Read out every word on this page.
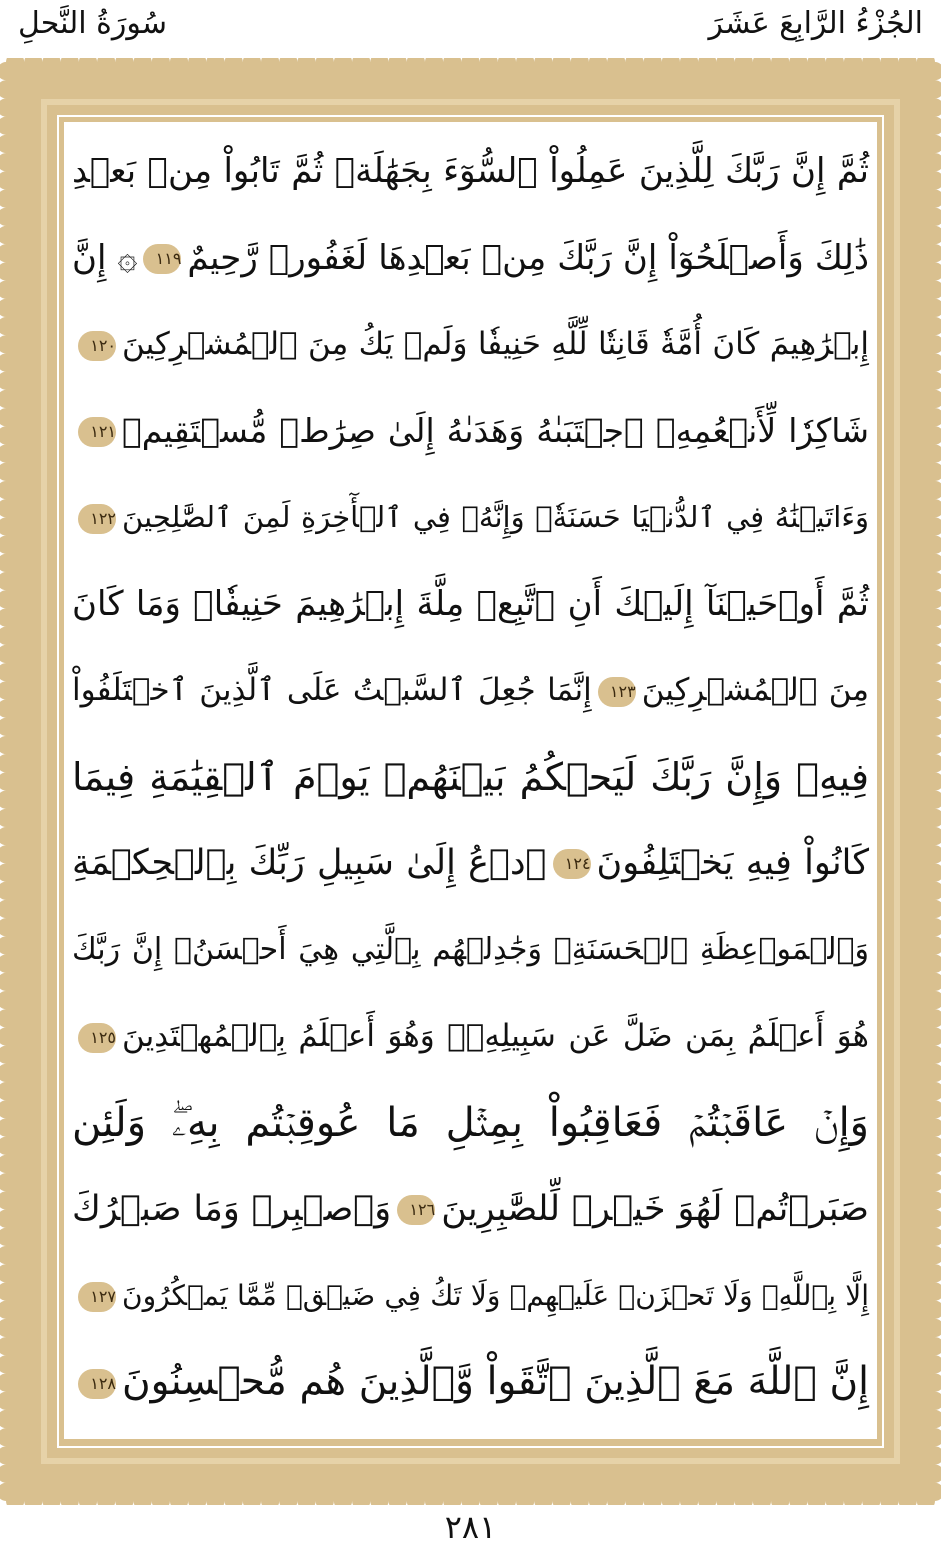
سُورَةُ النَّحلِ	الجُزْءُ الرَّابِعَ عَشَرَ
ثُمَّ إِنَّ رَبَّكَ لِلَّذِينَ عَمِلُواْ ٱلسُّوٓءَ بِجَهَٰلَةٖ ثُمَّ تَابُواْ مِنۢ بَعۡدِ
ذَٰلِكَ وَأَصۡلَحُوٓاْ إِنَّ رَبَّكَ مِنۢ بَعۡدِهَا لَغَفُورٞ رَّحِيمٌ١١٩۞ إِنَّ
إِبۡرَٰهِيمَ كَانَ أُمَّةٗ قَانِتٗا لِّلَّهِ حَنِيفٗا وَلَمۡ يَكُ مِنَ ٱلۡمُشۡرِكِينَ١٢٠
شَاكِرٗا لِّأَنۡعُمِهِۚ ٱجۡتَبَىٰهُ وَهَدَىٰهُ إِلَىٰ صِرَٰطٖ مُّسۡتَقِيمٖ١٢١
وَءَاتَيۡنَٰهُ فِي ٱلدُّنۡيَا حَسَنَةٗۖ وَإِنَّهُۥ فِي ٱلۡأٓخِرَةِ لَمِنَ ٱلصَّٰلِحِينَ١٢٢
ثُمَّ أَوۡحَيۡنَآ إِلَيۡكَ أَنِ ٱتَّبِعۡ مِلَّةَ إِبۡرَٰهِيمَ حَنِيفٗاۖ وَمَا كَانَ
مِنَ ٱلۡمُشۡرِكِينَ١٢٣إِنَّمَا جُعِلَ ٱلسَّبۡتُ عَلَى ٱلَّذِينَ ٱخۡتَلَفُواْ
فِيهِۚ وَإِنَّ رَبَّكَ لَيَحۡكُمُ بَيۡنَهُمۡ يَوۡمَ ٱلۡقِيَٰمَةِ فِيمَا
كَانُواْ فِيهِ يَخۡتَلِفُونَ١٢٤ٱدۡعُ إِلَىٰ سَبِيلِ رَبِّكَ بِٱلۡحِكۡمَةِ
وَٱلۡمَوۡعِظَةِ ٱلۡحَسَنَةِۖ وَجَٰدِلۡهُم بِٱلَّتِي هِيَ أَحۡسَنُۚ إِنَّ رَبَّكَ
هُوَ أَعۡلَمُ بِمَن ضَلَّ عَن سَبِيلِهِۦۖ وَهُوَ أَعۡلَمُ بِٱلۡمُهۡتَدِينَ١٢٥
وَإِنۡ عَاقَبۡتُمۡ فَعَاقِبُواْ بِمِثۡلِ مَا عُوقِبۡتُم بِهِۦۖ وَلَئِن
صَبَرۡتُمۡ لَهُوَ خَيۡرٞ لِّلصَّٰبِرِينَ١٢٦وَٱصۡبِرۡ وَمَا صَبۡرُكَ
إِلَّا بِٱللَّهِۚ وَلَا تَحۡزَنۡ عَلَيۡهِمۡ وَلَا تَكُ فِي ضَيۡقٖ مِّمَّا يَمۡكُرُونَ١٢٧
إِنَّ ٱللَّهَ مَعَ ٱلَّذِينَ ٱتَّقَواْ وَّٱلَّذِينَ هُم مُّحۡسِنُونَ١٢٨
٢٨١
